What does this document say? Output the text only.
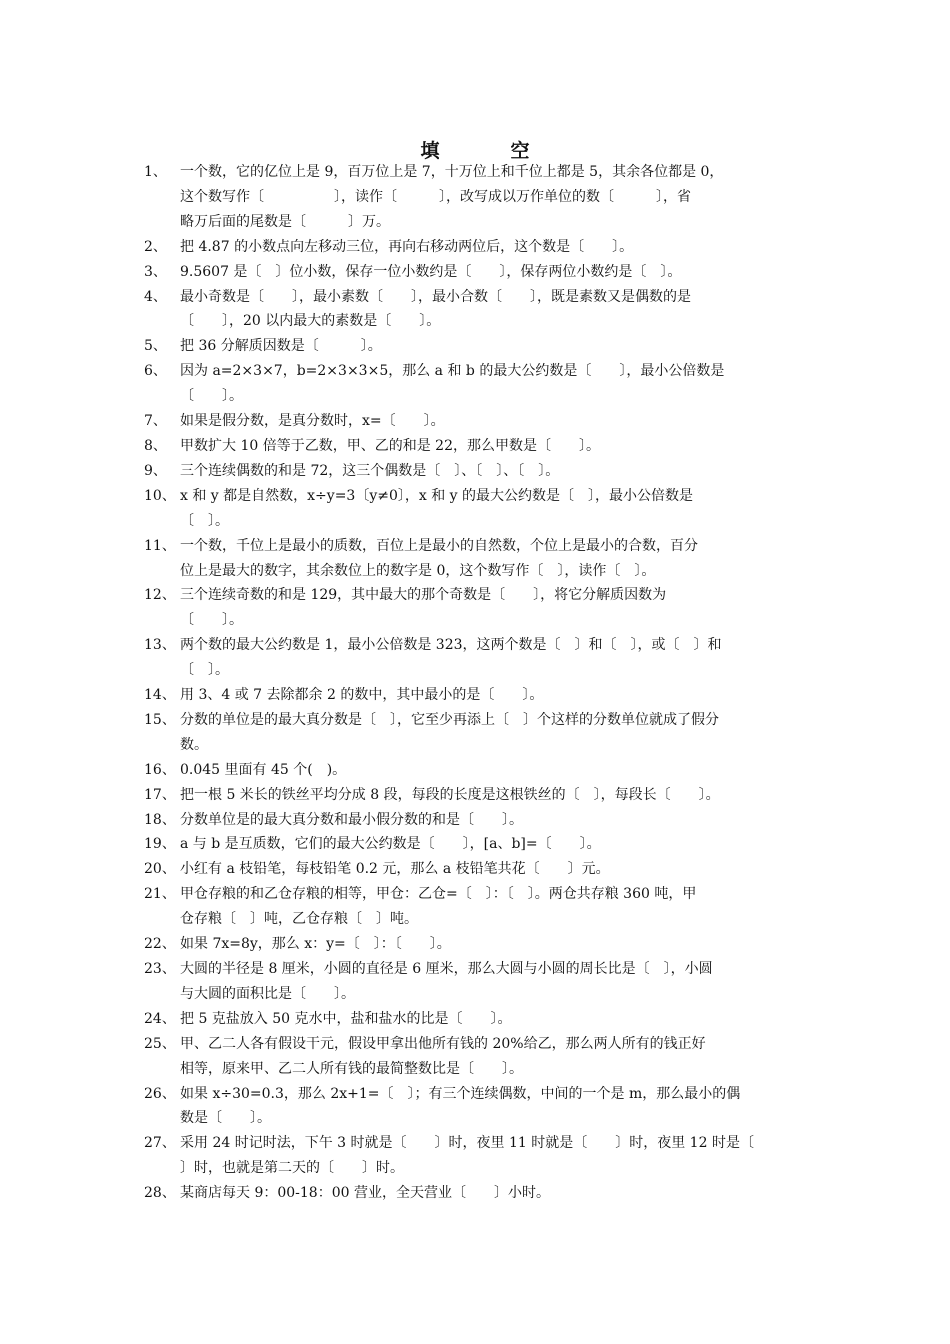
填　空
1、 一个数，它的亿位上是 9，百万位上是 7，十万位上和千位上都是 5，其余各位都是 0，
这个数写作〔　　　　　〕，读作〔　　　〕，改写成以万作单位的数〔　　　〕，省
略万后面的尾数是〔　　　〕万。
2、 把 4.87 的小数点向左移动三位，再向右移动两位后，这个数是〔　　〕。
3、 9.5607 是〔　〕位小数，保存一位小数约是〔　　〕，保存两位小数约是〔　〕。
4、 最小奇数是〔　　〕，最小素数〔　　〕，最小合数〔　　〕，既是素数又是偶数的是
〔　　〕，20 以内最大的素数是〔　　〕。
5、 把 36 分解质因数是〔　　　〕。
6、 因为 a=2×3×7，b=2×3×3×5，那么 a 和 b 的最大公约数是〔　　〕，最小公倍数是
〔　　〕。
7、 如果是假分数，是真分数时，x=〔　　〕。
8、 甲数扩大 10 倍等于乙数，甲、乙的和是 22，那么甲数是〔　　〕。
9、 三个连续偶数的和是 72，这三个偶数是〔　〕、〔　〕、〔　〕。
10、 x 和 y 都是自然数，x÷y=3〔y≠0〕，x 和 y 的最大公约数是〔　〕，最小公倍数是
〔　〕。
11、 一个数，千位上是最小的质数，百位上是最小的自然数，个位上是最小的合数，百分
位上是最大的数字，其余数位上的数字是 0，这个数写作〔　〕，读作〔　〕。
12、 三个连续奇数的和是 129，其中最大的那个奇数是〔　　〕，将它分解质因数为
〔　　〕。
13、 两个数的最大公约数是 1，最小公倍数是 323，这两个数是〔　〕和〔　〕，或〔　〕和
〔　〕。
14、 用 3、4 或 7 去除都余 2 的数中，其中最小的是〔　　〕。
15、 分数的单位是的最大真分数是〔　〕，它至少再添上〔　〕个这样的分数单位就成了假分
数。
16、 0.045 里面有 45 个(　)。
17、 把一根 5 米长的铁丝平均分成 8 段，每段的长度是这根铁丝的〔　〕，每段长〔　　〕。
18、 分数单位是的最大真分数和最小假分数的和是〔　　〕。
19、 a 与 b 是互质数，它们的最大公约数是〔　　〕，[a、b]=〔　　〕。
20、 小红有 a 枝铅笔，每枝铅笔 0.2 元，那么 a 枝铅笔共花〔　　〕元。
21、 甲仓存粮的和乙仓存粮的相等，甲仓：乙仓=〔　〕：〔　〕。两仓共存粮 360 吨，甲
仓存粮〔　〕吨，乙仓存粮〔　〕吨。
22、 如果 7x=8y，那么 x：y=〔　〕：〔　　〕。
23、 大圆的半径是 8 厘米，小圆的直径是 6 厘米，那么大圆与小圆的周长比是〔　〕，小圆
与大圆的面积比是〔　　〕。
24、 把 5 克盐放入 50 克水中，盐和盐水的比是〔　　〕。
25、 甲、乙二人各有假设干元，假设甲拿出他所有钱的 20%给乙，那么两人所有的钱正好
相等，原来甲、乙二人所有钱的最简整数比是〔　　〕。
26、 如果 x÷30=0.3，那么 2x+1=〔　〕；有三个连续偶数，中间的一个是 m，那么最小的偶
数是〔　　〕。
27、 采用 24 时记时法，下午 3 时就是〔　　〕时，夜里 11 时就是〔　　〕时，夜里 12 时是〔
〕时，也就是第二天的〔　　〕时。
28、 某商店每天 9：00-18：00 营业，全天营业〔　　〕小时。
